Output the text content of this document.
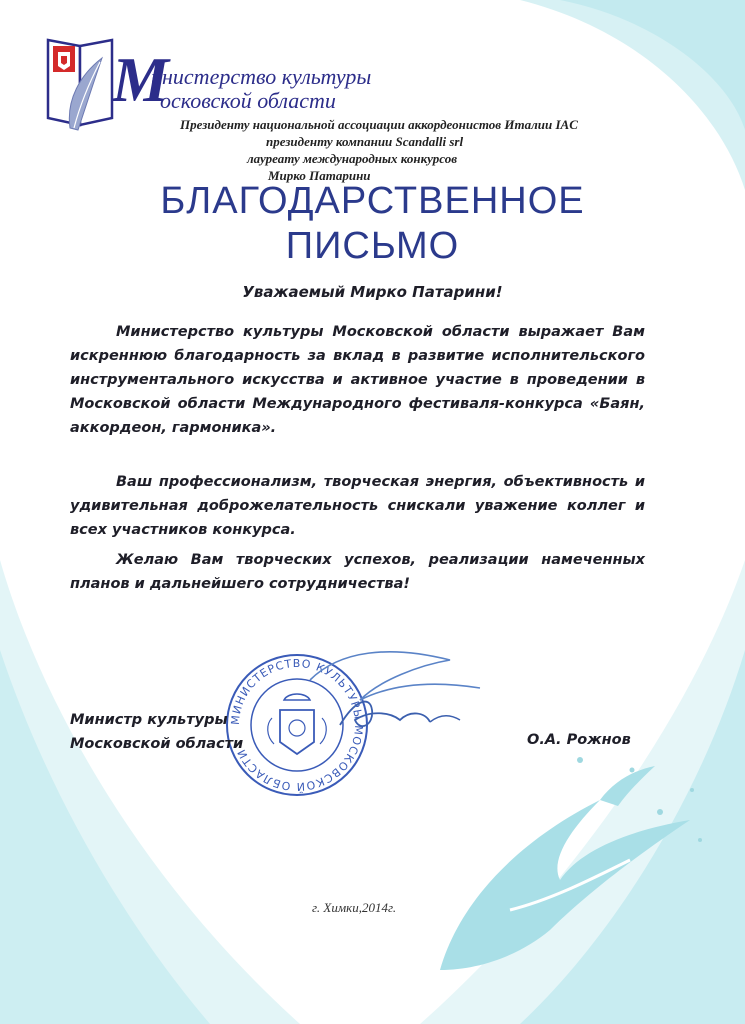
М
инистерство культуры
осковской области
Президенту национальной ассоциации аккордеонистов Италии IAC
президенту компании Scandalli srl
лауреату международных конкурсов
Мирко Патарини
БЛАГОДАРСТВЕННОЕ
ПИСЬМО
Уважаемый Мирко Патарини!
Министерство культуры Московской области выражает Вам искреннюю благодарность за вклад в развитие исполнительского инструментального искусства и активное участие в проведении в Московской области Международного фестиваля-конкурса «Баян, аккордеон, гармоника».
Ваш профессионализм, творческая энергия, объективность и удивительная доброжелательность снискали уважение коллег и всех участников конкурса.
Желаю Вам творческих успехов, реализации намеченных планов и дальнейшего сотрудничества!
МИНИСТЕРСТВО КУЛЬТУРЫ МОСКОВСКОЙ ОБЛАСТИ
Министр культуры
Московской области	О.А. Рожнов
г. Химки,2014г.
